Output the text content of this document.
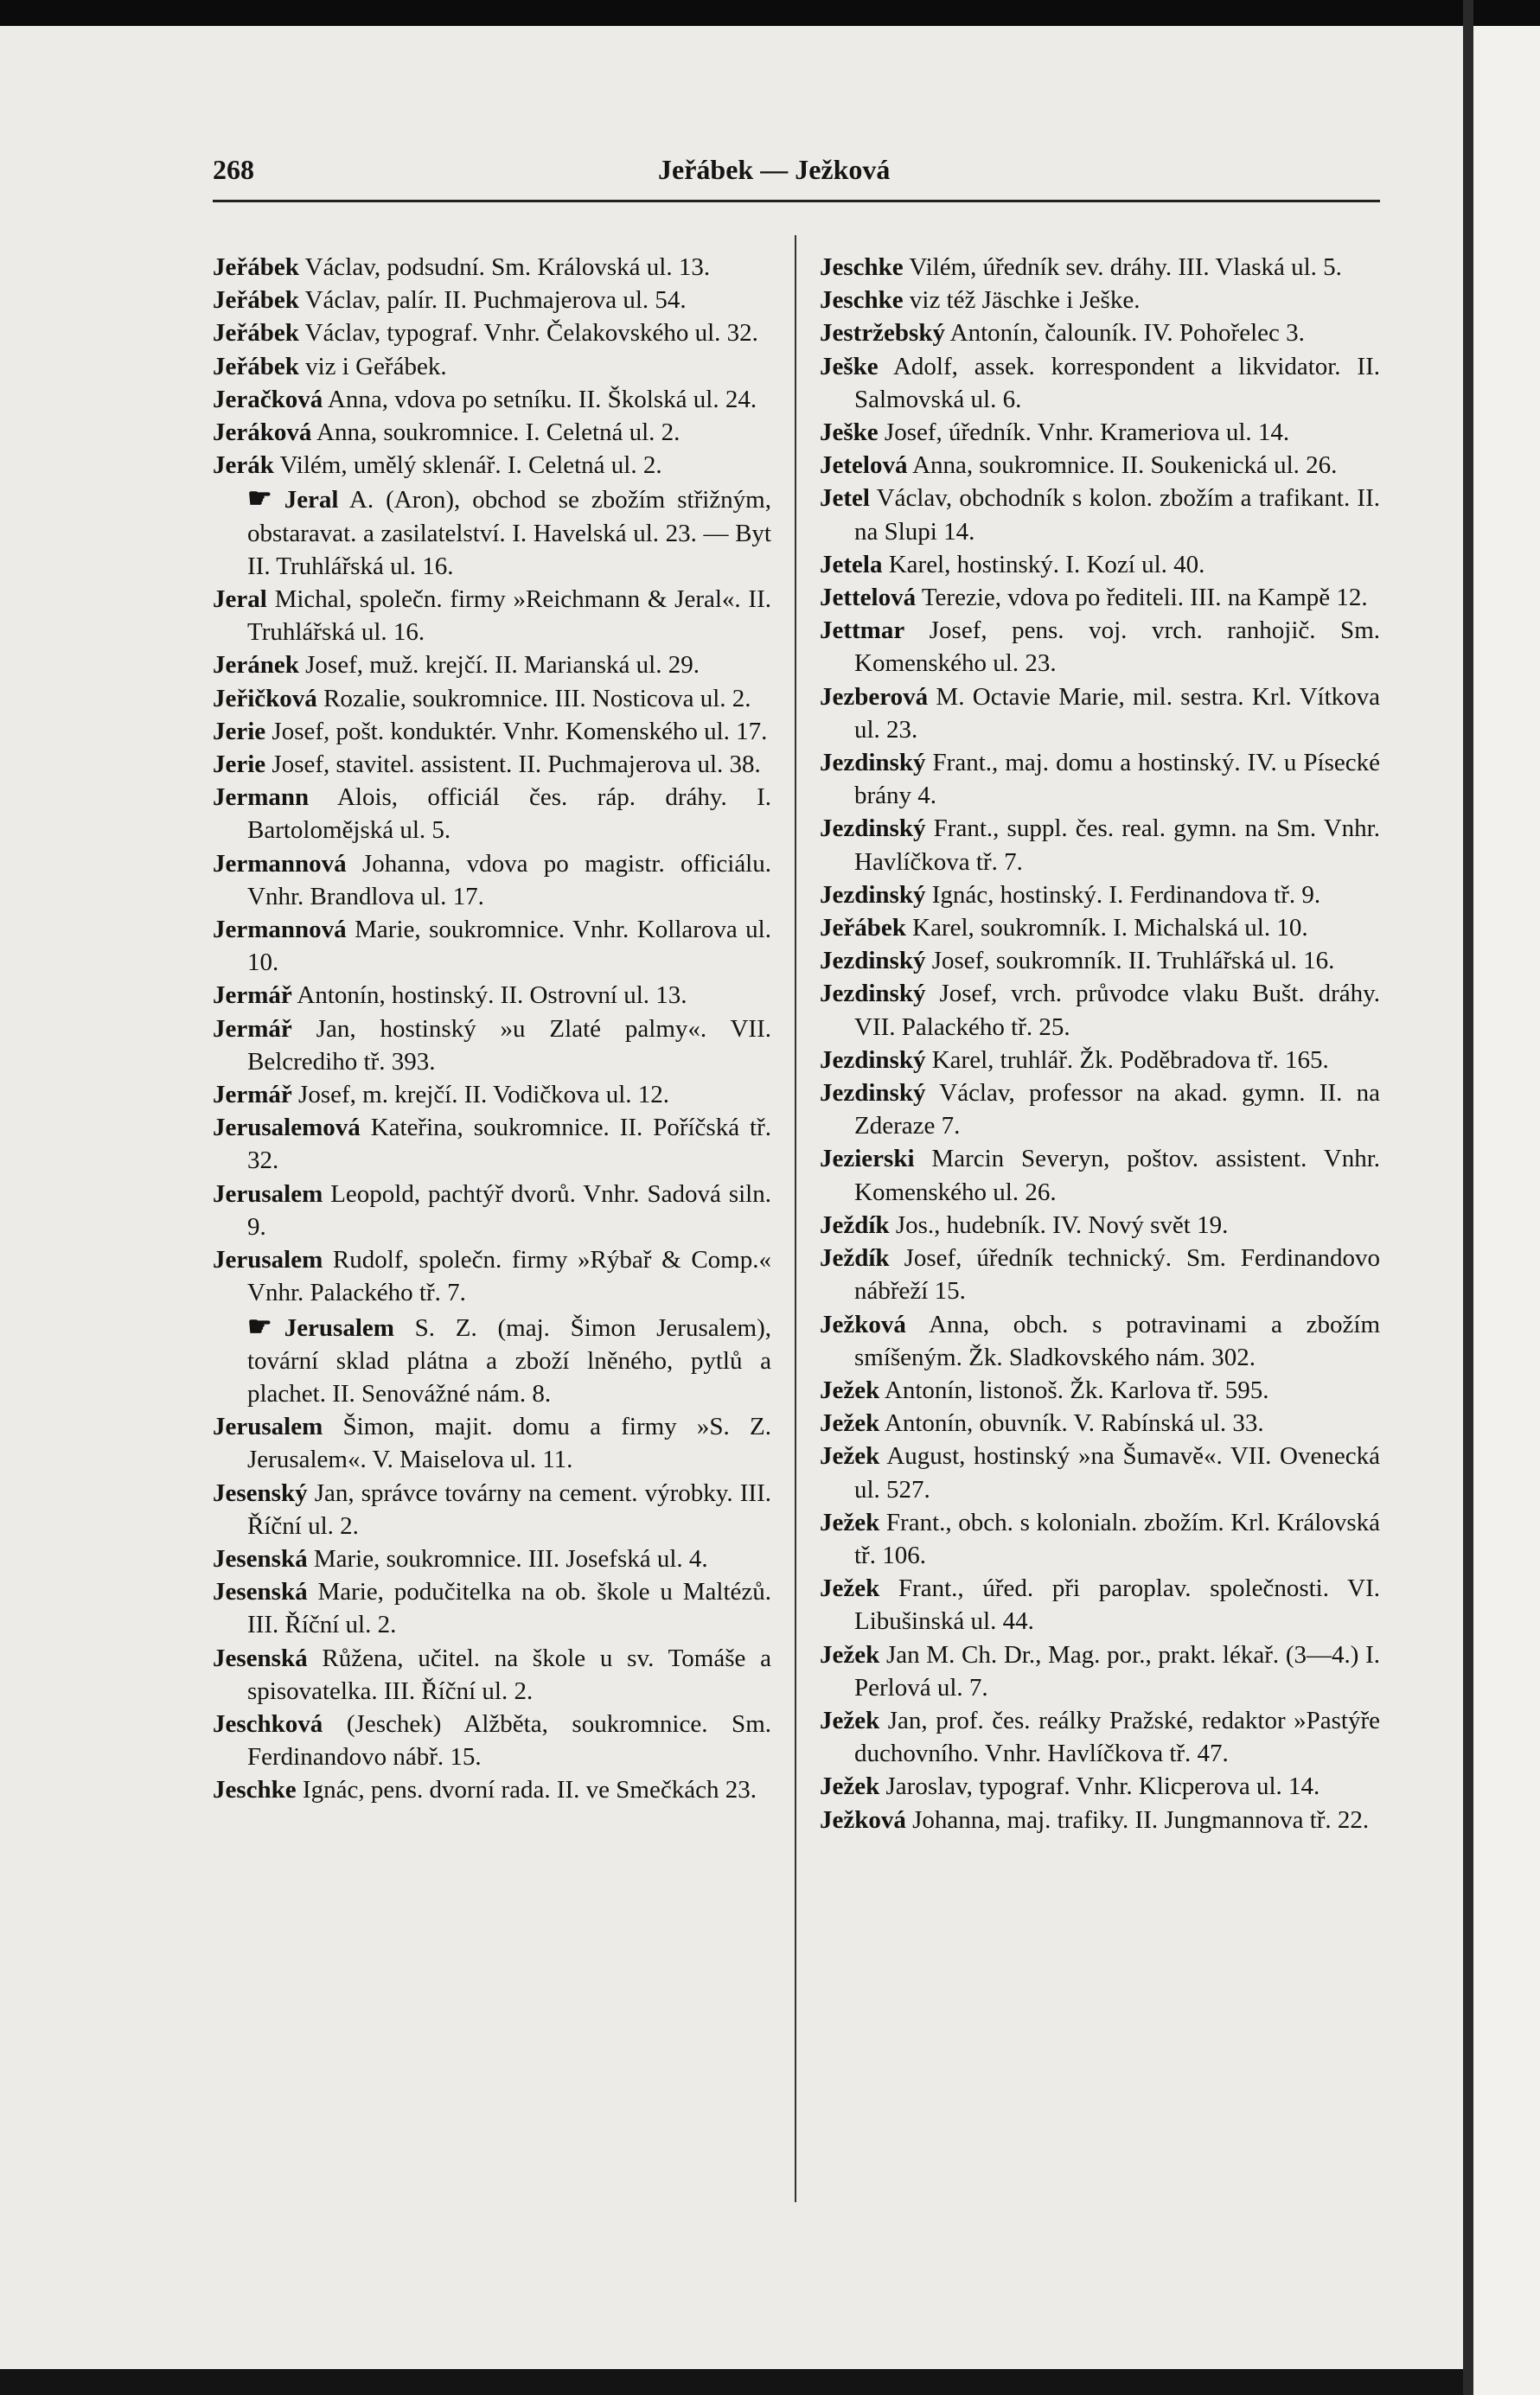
268	Jeřábek — Ježková
Jeřábek Václav, podsudní. Sm. Královská ul. 13.
Jeřábek Václav, palír. II. Puchmajerova ul. 54.
Jeřábek Václav, typograf. Vnhr. Čelakovského ul. 32.
Jeřábek viz i Geřábek.
Jeračková Anna, vdova po setníku. II. Školská ul. 24.
Jeráková Anna, soukromnice. I. Celetná ul. 2.
Jerák Vilém, umělý sklenář. I. Celetná ul. 2.
☛ Jeral A. (Aron), obchod se zbožím střižným, obstaravat. a zasilatelství. I. Havelská ul. 23. — Byt II. Truhlářská ul. 16.
Jeral Michal, společn. firmy »Reichmann & Jeral«. II. Truhlářská ul. 16.
Jeránek Josef, muž. krejčí. II. Marianská ul. 29.
Jeřičková Rozalie, soukromnice. III. Nosticova ul. 2.
Jerie Josef, pošt. konduktér. Vnhr. Komenského ul. 17.
Jerie Josef, stavitel. assistent. II. Puchmajerova ul. 38.
Jermann Alois, officiál čes. ráp. dráhy. I. Bartolomějská ul. 5.
Jermannová Johanna, vdova po magistr. officiálu. Vnhr. Brandlova ul. 17.
Jermannová Marie, soukromnice. Vnhr. Kollarova ul. 10.
Jermář Antonín, hostinský. II. Ostrovní ul. 13.
Jermář Jan, hostinský »u Zlaté palmy«. VII. Belcrediho tř. 393.
Jermář Josef, m. krejčí. II. Vodičkova ul. 12.
Jerusalemová Kateřina, soukromnice. II. Poříčská tř. 32.
Jerusalem Leopold, pachtýř dvorů. Vnhr. Sadová siln. 9.
Jerusalem Rudolf, společn. firmy »Rýbař & Comp.« Vnhr. Palackého tř. 7.
☛ Jerusalem S. Z. (maj. Šimon Jerusalem), tovární sklad plátna a zboží lněného, pytlů a plachet. II. Senovážné nám. 8.
Jerusalem Šimon, majit. domu a firmy »S. Z. Jerusalem«. V. Maiselova ul. 11.
Jesenský Jan, správce továrny na cement. výrobky. III. Říční ul. 2.
Jesenská Marie, soukromnice. III. Josefská ul. 4.
Jesenská Marie, podučitelka na ob. škole u Maltézů. III. Říční ul. 2.
Jesenská Růžena, učitel. na škole u sv. Tomáše a spisovatelka. III. Říční ul. 2.
Jeschková (Jeschek) Alžběta, soukromnice. Sm. Ferdinandovo nábř. 15.
Jeschke Ignác, pens. dvorní rada. II. ve Smečkách 23.
Jeschke Vilém, úředník sev. dráhy. III. Vlaská ul. 5.
Jeschke viz též Jäschke i Ješke.
Jestržebský Antonín, čalouník. IV. Pohořelec 3.
Ješke Adolf, assek. korrespondent a likvidator. II. Salmovská ul. 6.
Ješke Josef, úředník. Vnhr. Krameriova ul. 14.
Jetelová Anna, soukromnice. II. Soukenická ul. 26.
Jetel Václav, obchodník s kolon. zbožím a trafikant. II. na Slupi 14.
Jetela Karel, hostinský. I. Kozí ul. 40.
Jettelová Terezie, vdova po řediteli. III. na Kampě 12.
Jettmar Josef, pens. voj. vrch. ranhojič. Sm. Komenského ul. 23.
Jezberová M. Octavie Marie, mil. sestra. Krl. Vítkova ul. 23.
Jezdinský Frant., maj. domu a hostinský. IV. u Písecké brány 4.
Jezdinský Frant., suppl. čes. real. gymn. na Sm. Vnhr. Havlíčkova tř. 7.
Jezdinský Ignác, hostinský. I. Ferdinandova tř. 9.
Jeřábek Karel, soukromník. I. Michalská ul. 10.
Jezdinský Josef, soukromník. II. Truhlářská ul. 16.
Jezdinský Josef, vrch. průvodce vlaku Bušt. dráhy. VII. Palackého tř. 25.
Jezdinský Karel, truhlář. Žk. Poděbradova tř. 165.
Jezdinský Václav, professor na akad. gymn. II. na Zderaze 7.
Jezierski Marcin Severyn, poštov. assistent. Vnhr. Komenského ul. 26.
Ježdík Jos., hudebník. IV. Nový svět 19.
Ježdík Josef, úředník technický. Sm. Ferdinandovo nábřeží 15.
Ježková Anna, obch. s potravinami a zbožím smíšeným. Žk. Sladkovského nám. 302.
Ježek Antonín, listonoš. Žk. Karlova tř. 595.
Ježek Antonín, obuvník. V. Rabínská ul. 33.
Ježek August, hostinský »na Šumavě«. VII. Ovenecká ul. 527.
Ježek Frant., obch. s kolonialn. zbožím. Krl. Královská tř. 106.
Ježek Frant., úřed. při paroplav. společnosti. VI. Libušinská ul. 44.
Ježek Jan M. Ch. Dr., Mag. por., prakt. lékař. (3—4.) I. Perlová ul. 7.
Ježek Jan, prof. čes. reálky Pražské, redaktor »Pastýře duchovního. Vnhr. Havlíčkova tř. 47.
Ježek Jaroslav, typograf. Vnhr. Klicperova ul. 14.
Ježková Johanna, maj. trafiky. II. Jungmannova tř. 22.
